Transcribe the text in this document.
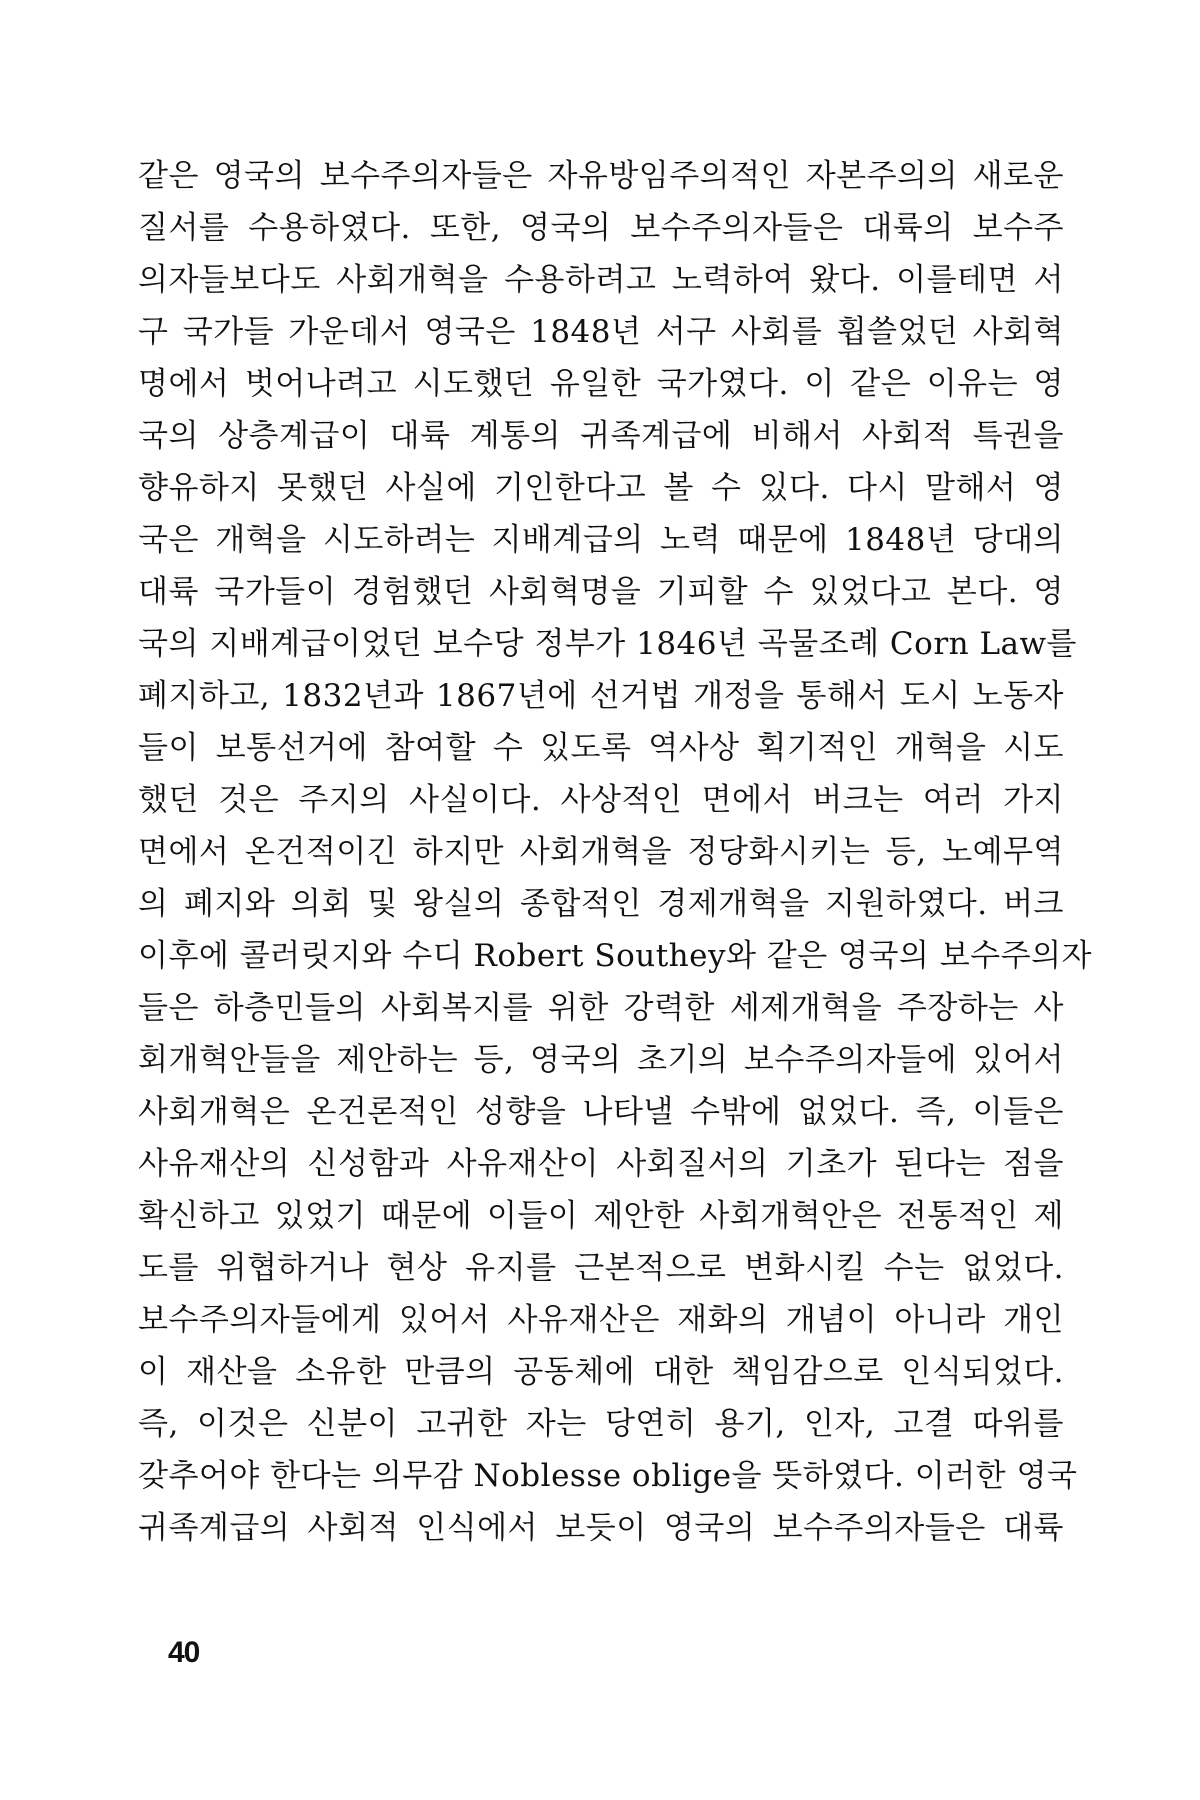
같은 영국의 보수주의자들은 자유방임주의적인 자본주의의 새로운
질서를 수용하였다. 또한, 영국의 보수주의자들은 대륙의 보수주
의자들보다도 사회개혁을 수용하려고 노력하여 왔다. 이를테면 서
구 국가들 가운데서 영국은 1848년 서구 사회를 휩쓸었던 사회혁
명에서 벗어나려고 시도했던 유일한 국가였다. 이 같은 이유는 영
국의 상층계급이 대륙 계통의 귀족계급에 비해서 사회적 특권을
향유하지 못했던 사실에 기인한다고 볼 수 있다. 다시 말해서 영
국은 개혁을 시도하려는 지배계급의 노력 때문에 1848년 당대의
대륙 국가들이 경험했던 사회혁명을 기피할 수 있었다고 본다. 영
국의 지배계급이었던 보수당 정부가 1846년 곡물조례 Corn Law를
폐지하고, 1832년과 1867년에 선거법 개정을 통해서 도시 노동자
들이 보통선거에 참여할 수 있도록 역사상 획기적인 개혁을 시도
했던 것은 주지의 사실이다. 사상적인 면에서 버크는 여러 가지
면에서 온건적이긴 하지만 사회개혁을 정당화시키는 등, 노예무역
의 폐지와 의회 및 왕실의 종합적인 경제개혁을 지원하였다. 버크
이후에 콜러릿지와 수디 Robert Southey와 같은 영국의 보수주의자
들은 하층민들의 사회복지를 위한 강력한 세제개혁을 주장하는 사
회개혁안들을 제안하는 등, 영국의 초기의 보수주의자들에 있어서
사회개혁은 온건론적인 성향을 나타낼 수밖에 없었다. 즉, 이들은
사유재산의 신성함과 사유재산이 사회질서의 기초가 된다는 점을
확신하고 있었기 때문에 이들이 제안한 사회개혁안은 전통적인 제
도를 위협하거나 현상 유지를 근본적으로 변화시킬 수는 없었다.
보수주의자들에게 있어서 사유재산은 재화의 개념이 아니라 개인
이 재산을 소유한 만큼의 공동체에 대한 책임감으로 인식되었다.
즉, 이것은 신분이 고귀한 자는 당연히 용기, 인자, 고결 따위를
갖추어야 한다는 의무감 Noblesse oblige을 뜻하였다. 이러한 영국
귀족계급의 사회적 인식에서 보듯이 영국의 보수주의자들은 대륙
40
